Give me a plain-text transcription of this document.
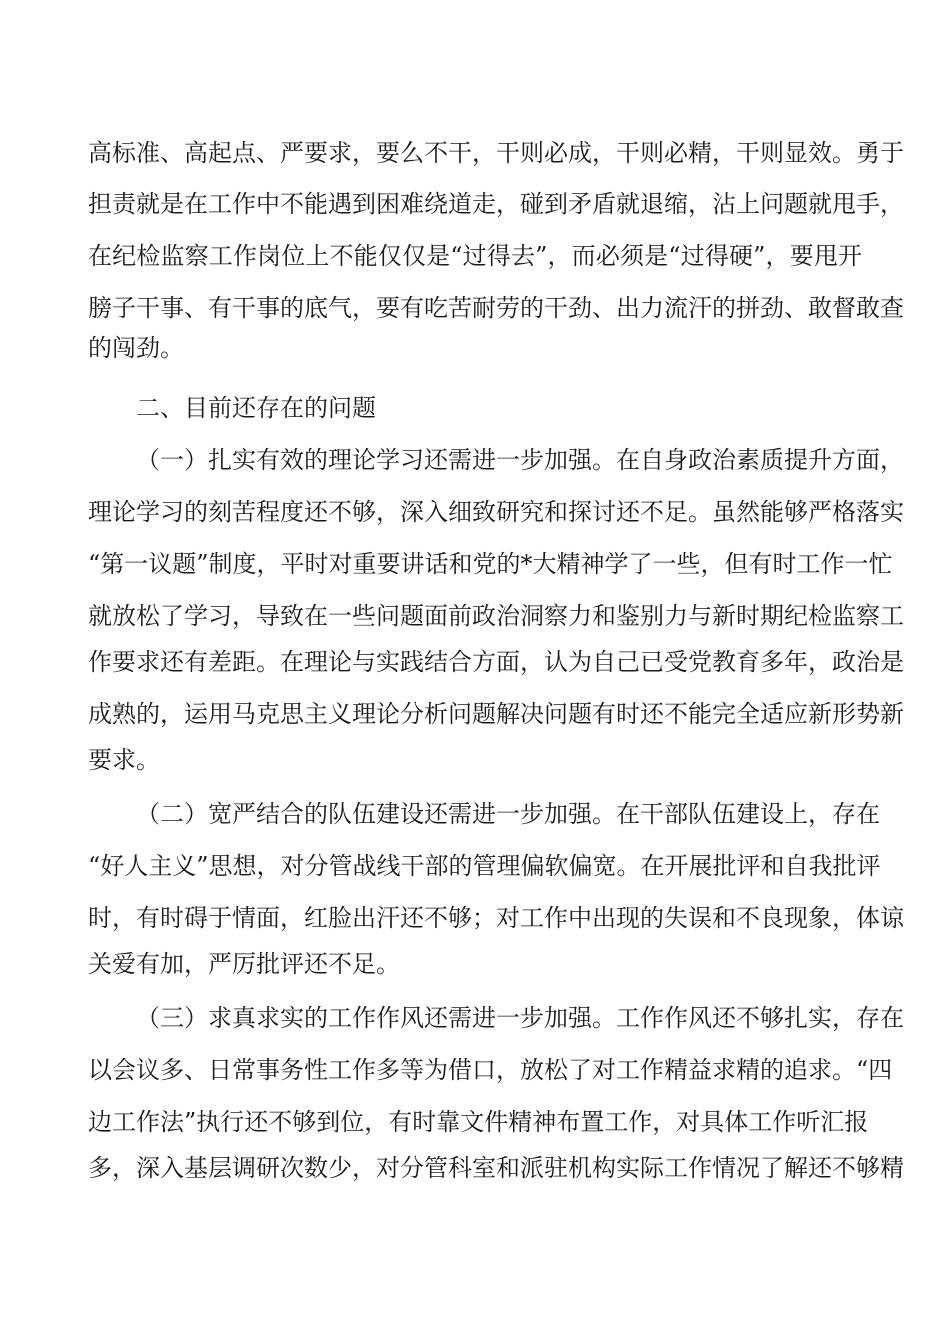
高标准、高起点、严要求，要么不干，干则必成，干则必精，干则显效。勇于
担责就是在工作中不能遇到困难绕道走，碰到矛盾就退缩，沾上问题就甩手，
在纪检监察工作岗位上不能仅仅是“过得去”，而必须是“过得硬”，要甩开
膀子干事、有干事的底气，要有吃苦耐劳的干劲、出力流汗的拼劲、敢督敢查
的闯劲。
二、目前还存在的问题
（一）扎实有效的理论学习还需进一步加强。在自身政治素质提升方面，
理论学习的刻苦程度还不够，深入细致研究和探讨还不足。虽然能够严格落实
“第一议题”制度，平时对重要讲话和党的*大精神学了一些，但有时工作一忙
就放松了学习，导致在一些问题面前政治洞察力和鉴别力与新时期纪检监察工
作要求还有差距。在理论与实践结合方面，认为自己已受党教育多年，政治是
成熟的，运用马克思主义理论分析问题解决问题有时还不能完全适应新形势新
要求。
（二）宽严结合的队伍建设还需进一步加强。在干部队伍建设上，存在
“好人主义”思想，对分管战线干部的管理偏软偏宽。在开展批评和自我批评
时，有时碍于情面，红脸出汗还不够；对工作中出现的失误和不良现象，体谅
关爱有加，严厉批评还不足。
（三）求真求实的工作作风还需进一步加强。工作作风还不够扎实，存在
以会议多、日常事务性工作多等为借口，放松了对工作精益求精的追求。“四
边工作法”执行还不够到位，有时靠文件精神布置工作，对具体工作听汇报
多，深入基层调研次数少，对分管科室和派驻机构实际工作情况了解还不够精
